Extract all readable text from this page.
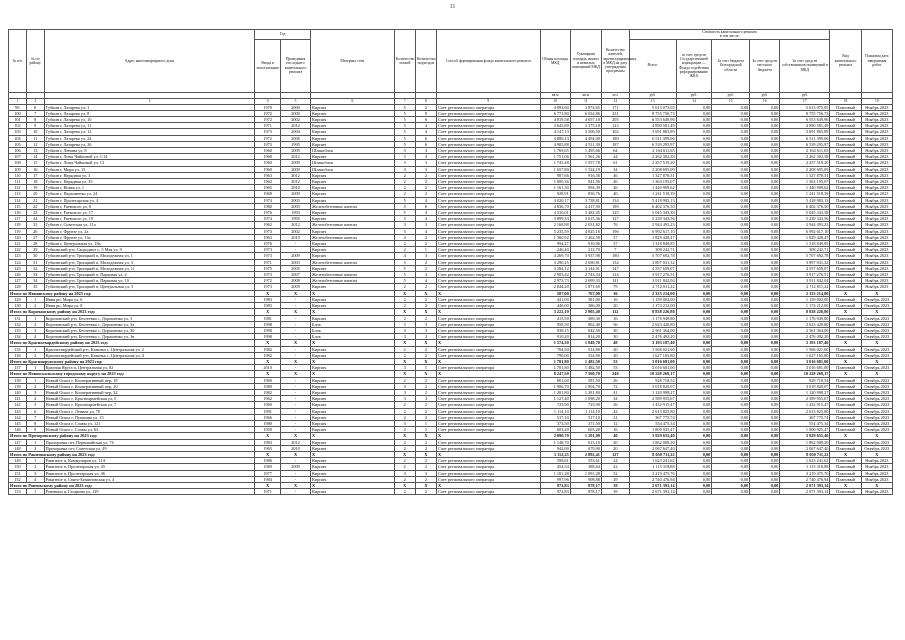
11
№ п/п	№ по району	Адрес многоквартирного дома	Год		Материал стен	Количество этажей	Количество подъездов	Способ формирования фонда капитального ремонта	Общая площадь МКД	Суммарная площадь жилых и нежилых помещений МКД	Количество жителей, зарегистрированных в МКД на дату утверждения программы	Стоимость капитального ремонта
в том числе:					Вид капитального ремонта	Плановая дата завершения работ
			Ввода в эксплуатацию	Проведения последнего капитального ремонта								Всего:	за счет средств Государственной корпорации — Фонда содействия реформированию ЖКХ	За счет бюджета Белгородской области	За счет средств местного бюджета	За счет средств собственников помещений в МКД		
									кв.м	кв.м	чел.	руб.	руб.	руб.	руб.	руб.		
1	2	3	4	5	6	7	8	9	10	11	12	13	14	15	16	17	18	19
99	8	Губкин г, Лазарева ул, 1	1970	2000	Кирпич	5	2	Счет регионального оператора	4 893,60	3 874,65	171	5 613 075,05	0,00	0,00	0,00	5 613 075,05	Плановый	Ноябрь 2023
100	7	Губкин г, Лазарева ул, 8	1972	2009	Кирпич	5	8	Счет регионального оператора	6 771,80	6 034,86	231	8 755 756,73	0,00	0,00	0,00	8 755 756,73	Плановый	Ноябрь 2023
101	8	Губкин г, Лазарева ул, 10	1972	2002	Кирпич	5	6	Счет регионального оператора	4 819,58	4 057,18	205	6 553 649,96	0,00	0,00	0,00	6 553 649,96	Плановый	Ноябрь 2023
102	9	Губкин г, Лазарева ул, 11	1971	2012	Кирпич	5	4	Счет регионального оператора	3 645,80	3 375,18	123	4 890 581,49	0,00	0,00	0,00	4 890 581,49	Плановый	Ноябрь 2023
103	10	Губкин г, Лазарева ул, 12	1973	2004	Кирпич	5	4	Счет регионального оператора	4 147,13	3 306,50	102	3 691 865,89	0,00	0,00	0,00	3 691 865,89	Плановый	Ноябрь 2023
104	11	Губкин г, Лазарева ул, 24	1972	2006	Кирпич	5	6	Счет регионального оператора	4 886,13	4 494,00	180	6 511 399,06	0,00	0,00	0,00	6 511 399,06	Плановый	Ноябрь 2023
105	12	Губкин г, Лазарева ул, 26	1973	1995	Кирпич	5	6	Счет регионального оператора	4 905,88	4 511,39	187	6 539 295,97	0,00	0,00	0,00	6 539 295,97	Плановый	Ноябрь 2023
106	13	Губкин г, Ленина ул, 8	1960	2009	Шлакоблок	3	3	Счет регионального оператора	1 769,65	1 495,66	64	2 164 611,65	0,00	0,00	0,00	2 164 611,65	Плановый	Ноябрь 2023
107	14	Губкин г, Лизы Чайкиной ул, 1/14	1960	2012	Кирпич	3	4	Счет регионального оператора	1 751,06	1 561,26	44	2 262 302,38	0,00	0,00	0,00	2 262 302,38	Плановый	Ноябрь 2023
108	15	Губкин г, Лизы Чайкиной ул, 13	1960	2009	Шлакоблок	3	3	Счет регионального оператора	1 743,48	1 557,78	61	2 257 519,20	0,00	0,00	0,00	2 257 519,20	Плановый	Ноябрь 2023
109	16	Губкин г, Мира ул, 15	1960	2009	Шлакоблок	3	3	Счет регионального оператора	1 657,80	1 524,19	34	2 208 695,09	0,00	0,00	0,00	2 208 695,09	Плановый	Ноябрь 2023
110	17	Губкин г, Нарядная ул, 3	1963	2012	Кирпич	2	2	Счет регионального оператора	987,66	916,56	46	1 327 878,31	0,00	0,00	0,00	1 327 878,31	Плановый	Ноябрь 2023
111	18	Губкин г, Нарядная ул, 35	1962	2012	Кирпич	2	2	Счет регионального оператора	1 000,36	941,56	46	1 363 195,07	0,00	0,00	0,00	1 363 195,07	Плановый	Ноябрь 2023
112	19	Губкин г, Новая ул, 1	1965	2010	Кирпич	2	2	Счет регионального оператора	1 161,30	994,39	46	1 440 909,62	0,00	0,00	0,00	1 440 909,62	Плановый	Ноябрь 2023
113	20	Губкин г, Пархоменко ул, 24	1969	2009	Кирпич	2	2	Счет регионального оператора	928,91	856,76	40	1 241 518,39	0,00	0,00	0,00	1 241 518,39	Плановый	Ноябрь 2023
114	21	Губкин г, Пролетарская ул, 4	1974	2003	Кирпич	5	4	Счет регионального оператора	4 020,17	3 738,81	134	5 418 983,13	0,00	0,00	0,00	5 418 983,13	Плановый	Ноябрь 2023
115	22	Губкин г, Раевского ул, 8	1980	2005	Железобетонные панели	5	6	Счет регионального оператора	4 836,70	4 417,90	189	6 402 376,50	0,00	0,00	0,00	6 402 376,50	Плановый	Ноябрь 2023
116	23	Губкин г, Раевского ул, 17	1976	1993	Кирпич	5	4	Счет регионального оператора	4 310,01	3 482,45	125	5 045 343,38	0,00	0,00	0,00	5 045 343,38	Плановый	Ноябрь 2023
117	24	Губкин г, Раевского ул, 19	1974	1995	Кирпич	5	4	Счет регионального оператора	3 899,33	3 615,36	127	5 239 343,56	0,00	0,00	0,00	5 239 343,56	Плановый	Ноябрь 2023
118	25	Губкин г, Советская ул, 21а	1962	2012	Железобетонные панели	3	3	Счет регионального оператора	2 168,88	2 031,82	76	2 944 493,23	0,00	0,00	0,00	2 944 493,23	Плановый	Ноябрь 2023
119	26	Губкин г, Фрунзе ул, 2а	1973	2002	Кирпич	5	4	Счет регионального оператора	5 235,59	4 825,16	196	6 992 617,10	0,00	0,00	0,00	6 992 617,10	Плановый	Ноябрь 2023
120	27	Губкин г, Фрунзе ул, 13а	1963	2010	Железобетонные панели	4	2	Счет регионального оператора	1 360,92	1 262,58	57	1 829 428,47	0,00	0,00	0,00	1 829 428,47	Плановый	Ноябрь 2023
121	28	Губкин г, Центральная ул, 18а	1976	-	Кирпич	2	2	Счет регионального оператора	994,27	910,06	37	1 318 849,85	0,00	0,00	0,00	1 318 849,85	Плановый	Ноябрь 2023
122	29	Губкинский р-н, Скородное с, 5 Мая ул, 9	1973	-	Кирпич	2	1	Счет регионального оператора	246,40	212,70	7	308 242,71	0,00	0,00	0,00	308 242,71	Плановый	Ноябрь 2023
123	30	Губкинский р-н, Троицкий п, Молодежная ул, 1	1973	2009	Кирпич	4	3	Счет регионального оператора	4 269,70	3 937,98	180	5 707 692,78	0,00	0,00	0,00	5 707 692,78	Плановый	Ноябрь 2023
124	31	Губкинский р-н, Троицкий п, Молодежная ул, 3	1971	2003	Железобетонные панели	5	2	Счет регионального оператора	3 290,25	2 690,81	134	3 897 031,32	0,00	0,00	0,00	3 897 031,32	Плановый	Ноябрь 2023
125	32	Губкинский р-н, Троицкий п, Молодежная ул, 11	1975	2005	Кирпич	5	2	Счет регионального оператора	3 284,12	3 144,91	147	4 557 659,07	0,00	0,00	0,00	4 557 659,07	Плановый	Ноябрь 2023
126	33	Губкинский р-н, Троицкий п, Парковая ул, 4	1973	2007	Железобетонные панели	5	4	Счет регионального оператора	2 983,42	2 743,34	124	3 917 276,51	0,00	0,00	0,00	3 917 276,51	Плановый	Ноябрь 2023
127	34	Губкинский р-н, Троицкий п, Парковая ул, 10	1972	2008	Железобетонные панели	5	4	Счет регионального оператора	2 973,73	2 699,33	141	3 911 842,04	0,00	0,00	0,00	3 911 842,04	Плановый	Ноябрь 2023
128	35	Губкинский р-н, Троицкий п, Центральная ул, 5	1973	2009	Кирпич	2	2	Счет регионального оператора	2 044,20	1 871,69	79	2 712 811,22	0,00	0,00	0,00	2 712 811,22	Плановый	Ноябрь 2023
Итого по Ивнянскому району на 2023 год:			X	X	X	X	X	X	587,00	767,00	36	2 333 214,00	0,00	0,00	0,00	2 333 214,00	X	X
129	1	Ивня рп, Мира ул, 6	1983	-	Кирпич	2	2	Счет регионального оператора	441,00	381,00	16	1 159 002,00	0,00	0,00	0,00	1 159 002,00	Плановый	Октябрь 2023
130	2	Ивня рп, Мира ул, 8	1983	-	Кирпич	2	2	Счет регионального оператора	446,00	386,00	20	1 174 212,00	0,00	0,00	0,00	1 174 212,00	Плановый	Октябрь 2023
Итого по Корочанскому району на 2023 год:			X	X	X	X	X	X	3 222,19	2 905,40	112	8 838 226,80	0,00	0,00	0,00	8 838 226,80	X	X
131	1	Корочанский р-н, Бехтеевка с, Дорошенко ул, 3	1981	-	Кирпич	2	2	Счет регионального оператора	415,50	389,30	16	1 176 949,80	0,00	0,00	0,00	1 176 949,80	Плановый	Октябрь 2023
132	2	Корочанский р-н, Бехтеевка с, Дорошенко ул, 3а	1998	-	Блок	3	3	Счет регионального оператора	958,50	862,40	36	2 623 420,80	0,00	0,00	0,00	2 623 420,80	Плановый	Октябрь 2023
133	3	Корочанский р-н, Бехтеевка с, Дорошенко ул, 30	1998	-	Блок	3	3	Счет регионального оператора	938,15	842,50	30	2 561 364,00	0,00	0,00	0,00	2 561 364,00	Плановый	Октябрь 2023
134	4	Корочанский р-н, Бехтеевка с, Дорошенко ул, 3в	1998	-	Блок	3	3	Счет регионального оператора	910,20	814,20	30	2 476 492,20	0,00	0,00	0,00	2 476 492,20	Плановый	Октябрь 2023
Итого по Красногвардейскому району на 2023 год:			X	X	X	X	X	X	1 574,50	1 049,70	40	3 193 187,40	0,00	0,00	0,00	3 193 187,40	X	X
135	1	Красногвардейский р-н, Казинка с, Центральная ул, 2	1982	-	Кирпич	2	2	Счет регионального оператора	784,50	514,80	20	1 566 021,60	0,00	0,00	0,00	1 566 021,60	Плановый	Октябрь 2023
136	2	Красногвардейский р-н, Казинка с, Центральная ул, 4	1982	-	Кирпич	2	2	Счет регионального оператора	790,00	534,90	20	1 627 165,80	0,00	0,00	0,00	1 627 165,80	Плановый	Октябрь 2023
Итого по Краснояружскому району на 2023 год:			X	X	X	X	X	X	1 781,80	1 482,50	53	3 016 681,00	0,00	0,00	0,00	3 016 681,00	X	X
137	1	Красная Яруга п, Центральная ул, 82	2010	-	Кирпич	3	1	Счет регионального оператора	1 781,80	1 482,50	53	3 016 681,00	0,00	0,00	0,00	3 016 681,00	Плановый	Октябрь 2023
Итого по Новооскольскому городскому округу на 2023 год:			X	X	X	X	X	X	8 247,50	7 560,70	240	10 228 269,17	0,00	0,00	0,00	10 228 269,17	X	X
138	1	Новый Оскол г, Кооперативный пер, 18	1969	-	Кирпич	2	2	Счет регионального оператора	801,60	581,50	26	928 718,54	0,00	0,00	0,00	928 718,54	Плановый	Октябрь 2023
139	2	Новый Оскол г, Кооперативный пер, 20	1980	-	Кирпич	3	2	Счет регионального оператора	1 906,70	1 904,70	72	3 018 820,07	0,00	0,00	0,00	3 018 820,07	Плановый	Октябрь 2023
140	3	Новый Оскол г, Кооперативный пер, 32	1982	-	Кирпич	3	2	Счет регионального оператора	1 281,80	1 281,80	41	1 120 998,27	0,00	0,00	0,00	1 120 998,27	Плановый	Октябрь 2023
141	4	Новый Оскол г, Красноармейская ул, 5	1962	-	Кирпич	3	3	Счет регионального оператора	1 127,40	1 098,20	34	2 589 955,67	0,00	0,00	0,00	2 589 955,67	Плановый	Октябрь 2023
142	5	Новый Оскол г, Красноармейская ул, 7	1969	-	Кирпич	2	2	Счет регионального оператора	725,90	725,90	26	1 432 915,47	0,00	0,00	0,00	1 432 915,47	Плановый	Октябрь 2023
143	6	Новый Оскол г, Ленина ул, 70	1991	-	Кирпич	2	2	Счет регионального оператора	1 114,10	1 114,10	42	2 613 825,80	0,00	0,00	0,00	2 613 825,80	Плановый	Октябрь 2023
144	7	Новый Оскол г, Пушкина ул, 15	1966	-	Кирпич	2	2	Счет регионального оператора	517,10	517,10	21	367 775,74	0,00	0,00	0,00	367 775,74	Плановый	Октябрь 2023
145	8	Новый Оскол г, Славы ул, 121	1980	-	Кирпич	3	1	Счет регионального оператора	373,50	371,50	12	554 475,34	0,00	0,00	0,00	554 475,34	Плановый	Октябрь 2023
146	9	Новый Оскол г, Славы ул, 63	1959	-	Кирпич	2	2	Счет регионального оператора	603,20	603,20	16	1 800 925,47	0,00	0,00	0,00	1 800 925,47	Плановый	Октябрь 2023
Итого по Прохоровскому району на 2023 год:			X	X	X	X	X	X	2 090,70	1 291,00	40	3 929 655,40	0,00	0,00	0,00	3 929 655,40	X	X
147	1	Прохоровка пгт, Первомайская ул, 76	1983	2012	Кирпич	2	2	Счет регионального оператора	1 148,70	613,10	20	1 862 008,20	0,00	0,00	0,00	1 862 008,20	Плановый	Октябрь 2023
148	2	Прохоровка пгт, Советская ул, 49	1963	2010	Кирпич	2	2	Счет регионального оператора	942,00	679,90	20	2 067 647,40	0,00	0,00	0,00	2 067 647,40	Плановый	Октябрь 2023
Итого по Ракитянскому району на 2023 год:			X	X	X	X	X	X	3 112,25	2 892,41	127	8 050 711,22	0,00	0,00	0,00	8 050 711,22	X	X
149	1	Ракитное п, Коммунаров ул, 11А	1986	-	Кирпич	2	2	Счет регионального оператора	598,61	553,61	24	1 623 241,62	0,00	0,00	0,00	1 623 241,62	Плановый	Ноябрь 2023
150	2	Ракитное п, Пролетарская ул, 45	1969	2009	Кирпич	2	2	Счет регионального оператора	454,54	388,64	22	1 115 318,88	0,00	0,00	0,00	1 115 318,88	Плановый	Ноябрь 2023
151	3	Ракитное п, Пролетарская ул, 46	1977	-	Кирпич	3	3	Счет регионального оператора	1 181,28	1 091,28	52	3 219 475,76	0,00	0,00	0,00	3 219 475,76	Плановый	Ноябрь 2023
152	4	Ракитное п, Свято-Бешиновская ул, 4	1984	-	Кирпич	2	2	Счет регионального оператора	997,96	908,88	29	2 740 476,94	0,00	0,00	0,00	2 740 476,94	Плановый	Ноябрь 2023
Итого по Ровеньскому району на 2023 год:			X	X	X	X	X	X	972,83	878,17	39	2 671 393,14	0,00	0,00	0,00	2 671 393,14	X	X
153	1	Ровеньки п, Гагарина ул, 129	1971	-	Кирпич	2	2	Счет регионального оператора	972,83	878,17	39	2 671 393,14	0,00	0,00	0,00	2 671 393,14	Плановый	Ноябрь 2023
